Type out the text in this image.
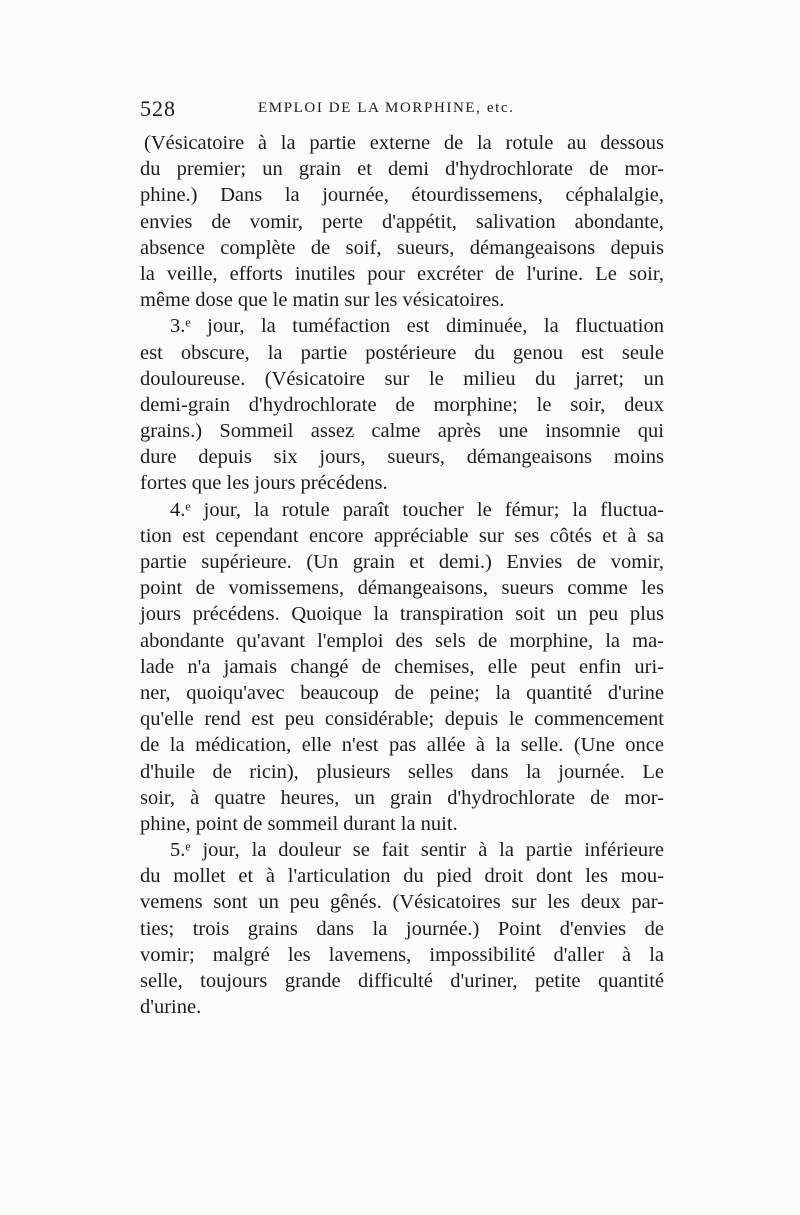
528	EMPLOI DE LA MORPHINE, etc.
(Vésicatoire à la partie externe de la rotule au dessous
du premier; un grain et demi d'hydrochlorate de mor-
phine.) Dans la journée, étourdissemens, céphalalgie,
envies de vomir, perte d'appétit, salivation abondante,
absence complète de soif, sueurs, démangeaisons depuis
la veille, efforts inutiles pour excréter de l'urine. Le soir,
même dose que le matin sur les vésicatoires.
3.ᵉ jour, la tuméfaction est diminuée, la fluctuation
est obscure, la partie postérieure du genou est seule
douloureuse. (Vésicatoire sur le milieu du jarret; un
demi-grain d'hydrochlorate de morphine; le soir, deux
grains.) Sommeil assez calme après une insomnie qui
dure depuis six jours, sueurs, démangeaisons moins
fortes que les jours précédens.
4.ᵉ jour, la rotule paraît toucher le fémur; la fluctua-
tion est cependant encore appréciable sur ses côtés et à sa
partie supérieure. (Un grain et demi.) Envies de vomir,
point de vomissemens, démangeaisons, sueurs comme les
jours précédens. Quoique la transpiration soit un peu plus
abondante qu'avant l'emploi des sels de morphine, la ma-
lade n'a jamais changé de chemises, elle peut enfin uri-
ner, quoiqu'avec beaucoup de peine; la quantité d'urine
qu'elle rend est peu considérable; depuis le commencement
de la médication, elle n'est pas allée à la selle. (Une once
d'huile de ricin), plusieurs selles dans la journée. Le
soir, à quatre heures, un grain d'hydrochlorate de mor-
phine, point de sommeil durant la nuit.
5.ᵉ jour, la douleur se fait sentir à la partie inférieure
du mollet et à l'articulation du pied droit dont les mou-
vemens sont un peu gênés. (Vésicatoires sur les deux par-
ties; trois grains dans la journée.) Point d'envies de
vomir; malgré les lavemens, impossibilité d'aller à la
selle, toujours grande difficulté d'uriner, petite quantité
d'urine.
